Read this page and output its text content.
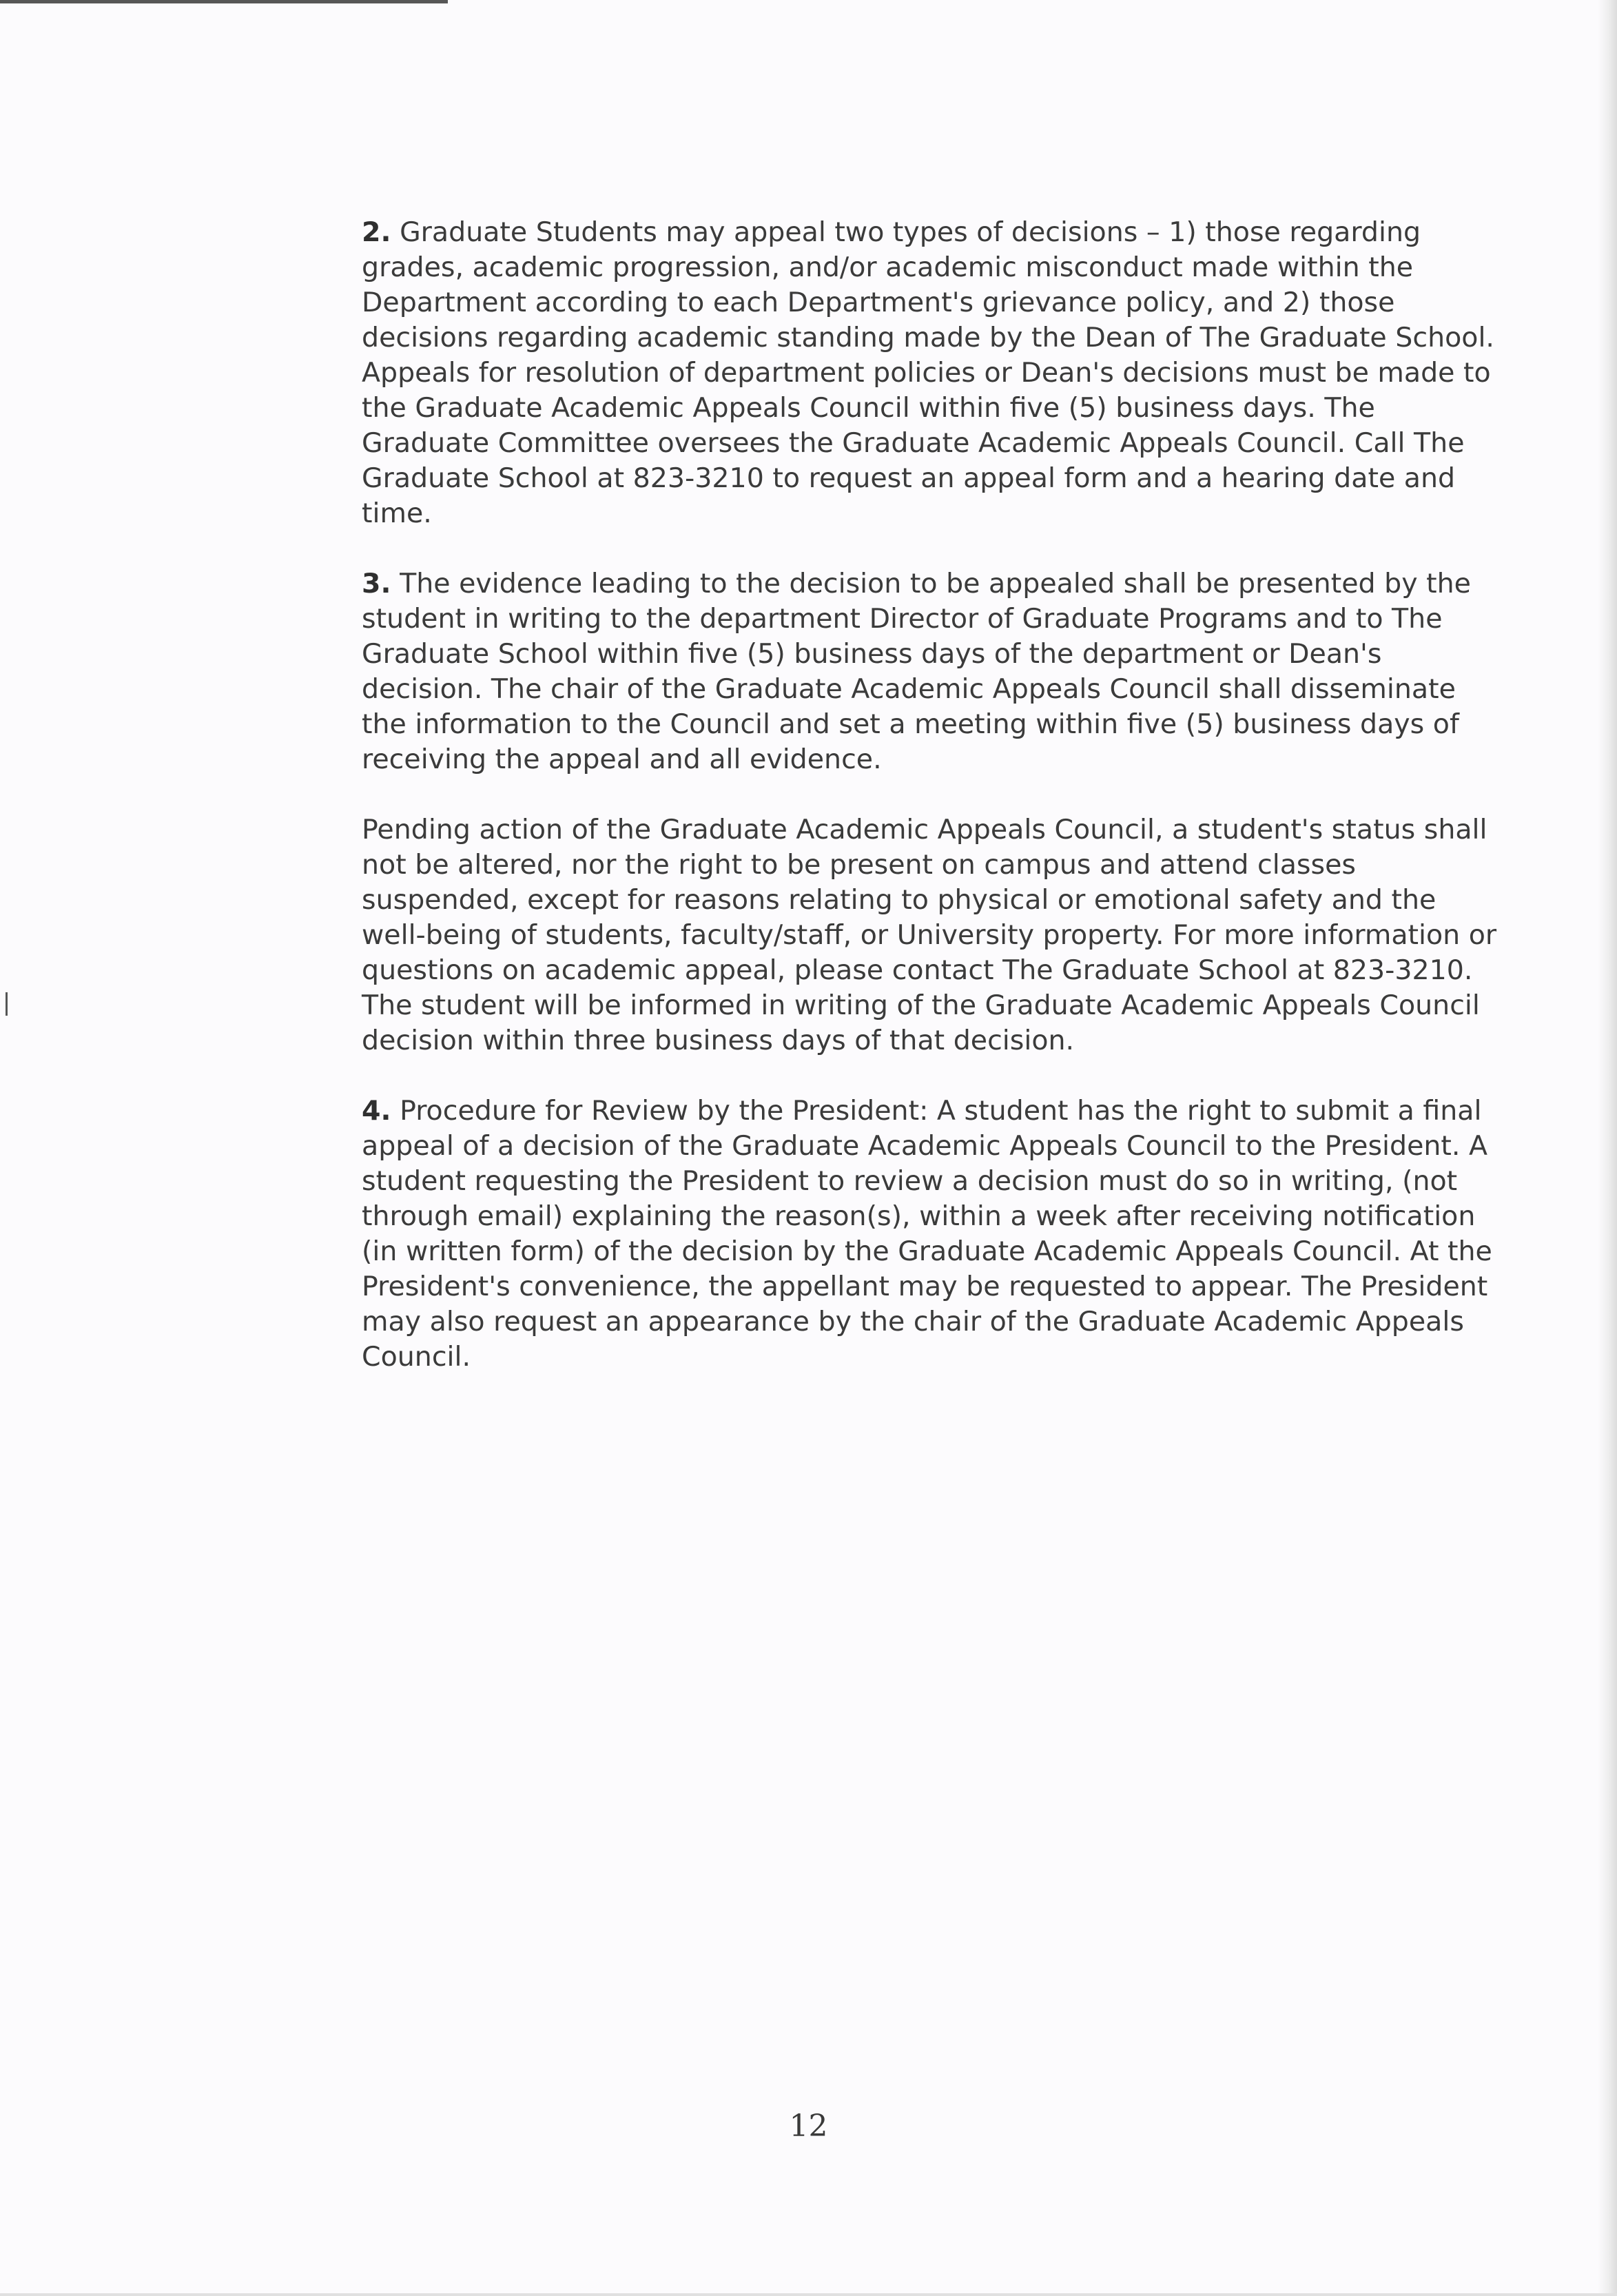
2. Graduate Students may appeal two types of decisions – 1) those regarding grades, academic progression, and/or academic misconduct made within the Department according to each Department's grievance policy, and 2) those decisions regarding academic standing made by the Dean of The Graduate School. Appeals for resolution of department policies or Dean's decisions must be made to the Graduate Academic Appeals Council within five (5) business days. The Graduate Committee oversees the Graduate Academic Appeals Council. Call The Graduate School at 823-3210 to request an appeal form and a hearing date and time.

3. The evidence leading to the decision to be appealed shall be presented by the student in writing to the department Director of Graduate Programs and to The Graduate School within five (5) business days of the department or Dean's decision. The chair of the Graduate Academic Appeals Council shall disseminate the information to the Council and set a meeting within five (5) business days of receiving the appeal and all evidence.

Pending action of the Graduate Academic Appeals Council, a student's status shall not be altered, nor the right to be present on campus and attend classes suspended, except for reasons relating to physical or emotional safety and the well-being of students, faculty/staff, or University property. For more information or questions on academic appeal, please contact The Graduate School at 823-3210. The student will be informed in writing of the Graduate Academic Appeals Council decision within three business days of that decision.

4. Procedure for Review by the President: A student has the right to submit a final appeal of a decision of the Graduate Academic Appeals Council to the President. A student requesting the President to review a decision must do so in writing, (not through email) explaining the reason(s), within a week after receiving notification (in written form) of the decision by the Graduate Academic Appeals Council. At the President's convenience, the appellant may be requested to appear. The President may also request an appearance by the chair of the Graduate Academic Appeals Council.

12
